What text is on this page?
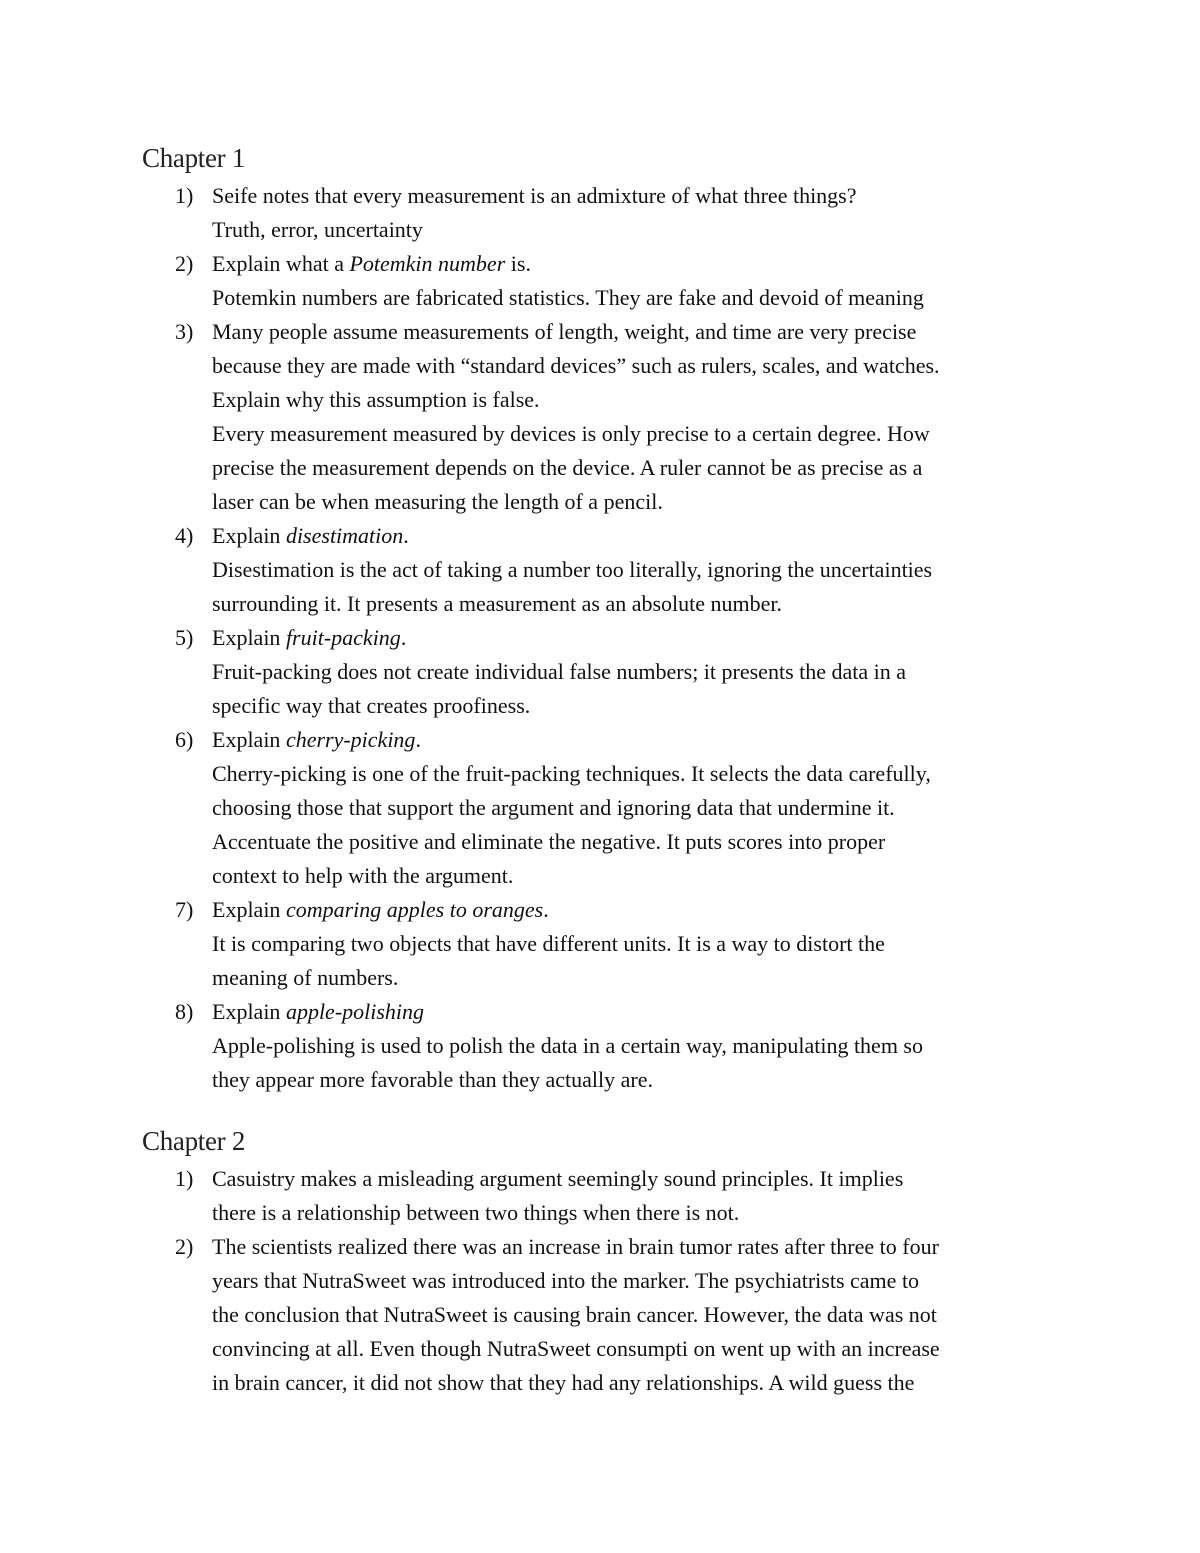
Chapter 1
1) Seife notes that every measurement is an admixture of what three things?
Truth, error, uncertainty
2) Explain what a Potemkin number is.
Potemkin numbers are fabricated statistics. They are fake and devoid of meaning
3) Many people assume measurements of length, weight, and time are very precise
because they are made with “standard devices” such as rulers, scales, and watches.
Explain why this assumption is false.
Every measurement measured by devices is only precise to a certain degree. How
precise the measurement depends on the device. A ruler cannot be as precise as a
laser can be when measuring the length of a pencil.
4) Explain disestimation.
Disestimation is the act of taking a number too literally, ignoring the uncertainties
surrounding it. It presents a measurement as an absolute number.
5) Explain fruit-packing.
Fruit-packing does not create individual false numbers; it presents the data in a
specific way that creates proofiness.
6) Explain cherry-picking.
Cherry-picking is one of the fruit-packing techniques. It selects the data carefully,
choosing those that support the argument and ignoring data that undermine it.
Accentuate the positive and eliminate the negative. It puts scores into proper
context to help with the argument.
7) Explain comparing apples to oranges.
It is comparing two objects that have different units. It is a way to distort the
meaning of numbers.
8) Explain apple-polishing
Apple-polishing is used to polish the data in a certain way, manipulating them so
they appear more favorable than they actually are.
Chapter 2
1) Casuistry makes a misleading argument seemingly sound principles. It implies
there is a relationship between two things when there is not.
2) The scientists realized there was an increase in brain tumor rates after three to four
years that NutraSweet was introduced into the marker. The psychiatrists came to
the conclusion that NutraSweet is causing brain cancer. However, the data was not
convincing at all. Even though NutraSweet consumpti on went up with an increase
in brain cancer, it did not show that they had any relationships. A wild guess the
